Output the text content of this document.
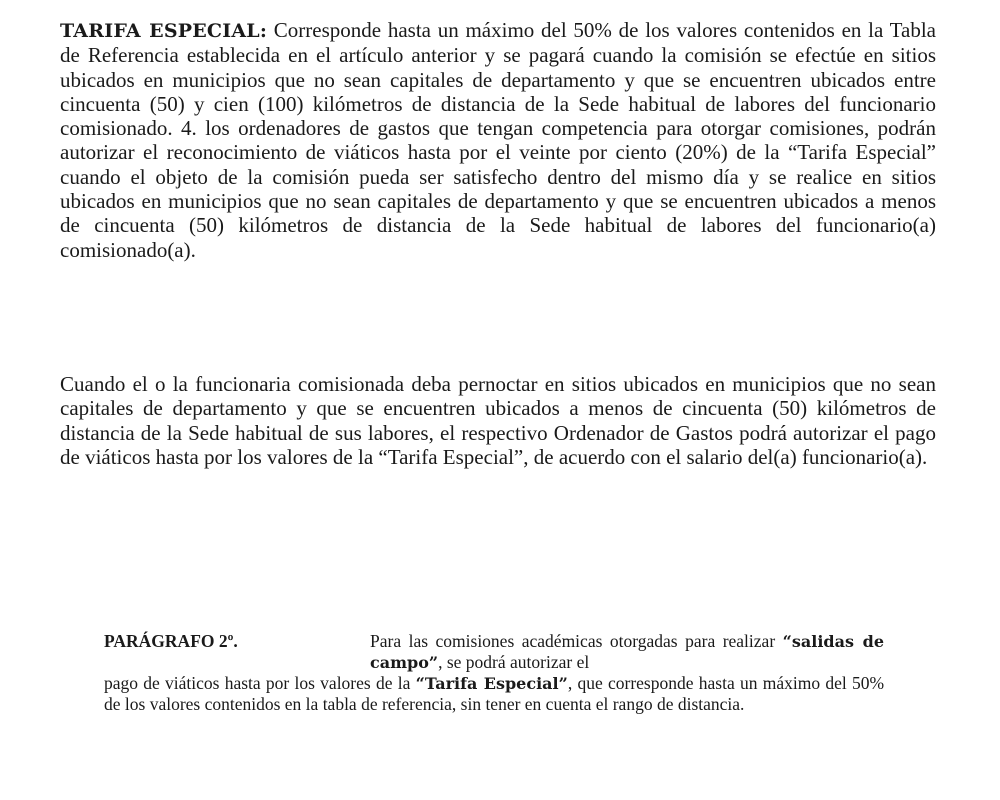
TARIFA ESPECIAL: Corresponde hasta un máximo del 50% de los valores contenidos en la Tabla de Referencia establecida en el artículo anterior y se pagará cuando la comisión se efectúe en sitios ubicados en municipios que no sean capitales de departamento y que se encuentren ubicados entre cincuenta (50) y cien (100) kilómetros de distancia de la Sede habitual de labores del funcionario comisionado. 4. los ordenadores de gastos que tengan competencia para otorgar comisiones, podrán autorizar el reconocimiento de viáticos hasta por el veinte por ciento (20%) de la “Tarifa Especial” cuando el objeto de la comisión pueda ser satisfecho dentro del mismo día y se realice en sitios ubicados en municipios que no sean capitales de departamento y que se encuentren ubicados a menos de cincuenta (50) kilómetros de distancia de la Sede habitual de labores del funcionario(a) comisionado(a).

Cuando el o la funcionaria comisionada deba pernoctar en sitios ubicados en municipios que no sean capitales de departamento y que se encuentren ubicados a menos de cincuenta (50) kilómetros de distancia de la Sede habitual de sus labores, el respectivo Ordenador de Gastos podrá autorizar el pago de viáticos hasta por los valores de la “Tarifa Especial”, de acuerdo con el salario del(a) funcionario(a).

PARÁGRAFO 2º.	Para las comisiones académicas otorgadas para realizar “salidas de campo”, se podrá autorizar el
pago de viáticos hasta por los valores de la “Tarifa Especial”, que corresponde hasta un máximo del 50% de los valores contenidos en la tabla de referencia, sin tener en cuenta el rango de distancia.
